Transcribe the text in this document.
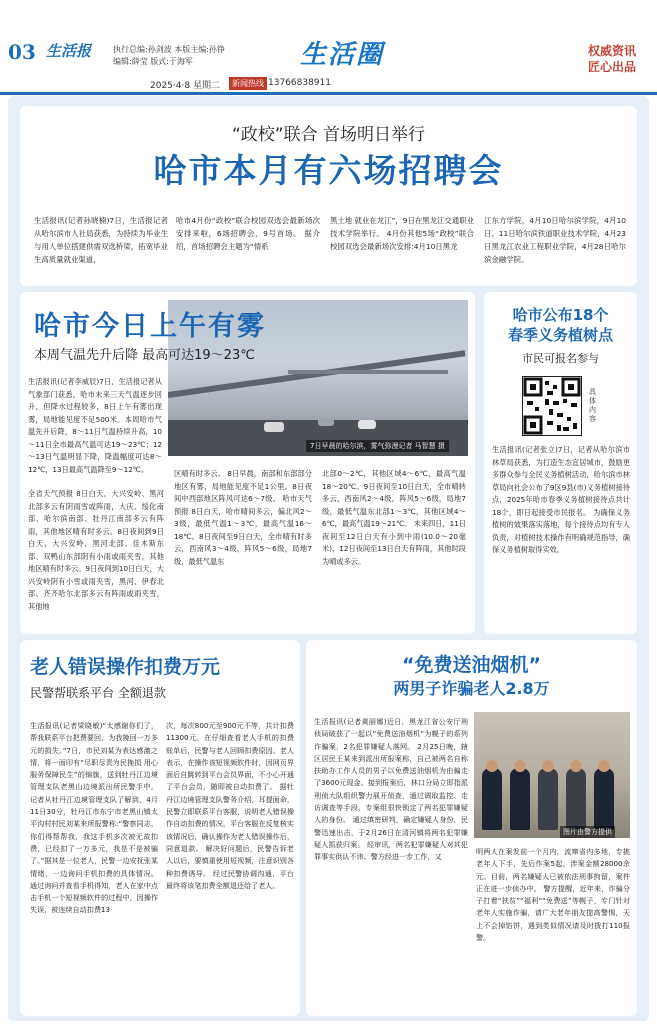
03 生活报	执行总编:孙剑波 本版主编:孙铮
编辑:薛莹 版式:于海军	生活圈	权威资讯
匠心出品
2025·4·8 星期二	新闻热线 13766838911
“政校”联合 首场明日举行
哈市本月有六场招聘会
生活报讯(记者孙晓楠)7日，生活报记者从哈尔滨市人社局获悉，为持续为毕业生与用人单位搭建供需双选桥梁，拓宽毕业生高质量就业渠道，
哈市4月份“政校”联合校园双选会最新场次安排来啦，6场招聘会，9号首场。 据介绍，首场招聘会主题为“情系
黑土地 就业在龙江”，9日在黑龙江交通职业技术学院举行。 4月份其他5场“政校”联合校园双选会最新场次安排:4月10日黑龙
江东方学院，4月10日哈尔滨学院，4月10日、11日哈尔滨铁道职业技术学院，4月23日黑龙江农业工程职业学院，4月28日哈尔滨金融学院。
哈市今日上午有雾
本周气温先升后降 最高可达19～23℃
7日早晨的哈尔滨，雾气弥漫记者 马智慧 摄
生活报讯(记者李威辰)7日，生活报记者从气象部门获悉，哈市未来三天气温逐步回升，但降水过程较多，8日上午有雾出现雾，局地能见度不足500米。本周哈市气温先升后降，8～11日气温持续升高，10～11日全市最高气温可达19～23℃；12～13日气温明显下降，降温幅度可达8～12℃，13日最高气温降至9～12℃。
全省天气预报 8日白天，大兴安岭、黑河北部多云有阴雨雪或阵雨，大庆、绥化南部、哈尔滨南部、牡丹江南部多云有阵雨，其他地区晴有时多云。8日夜间到9日白天，大兴安岭、黑河北部、佳木斯东部、双鸭山东部阴有小雨或雨夹雪，其他地区晴有时多云。9日夜间到10日白天，大兴安岭阴有小雪或雨夹雪，黑河、伊春北部、齐齐哈尔北部多云有阵雨或雨夹雪，其他地
区晴有时多云。 8日早晨，南部和东部部分地区有雾，局地能见度不足1公里。8日夜间中西部地区阵风可达6～7级。 哈市天气预报 8日白天，哈市晴间多云，偏北风2～3级，最低气温1～3℃，最高气温16～18℃。8日夜间至9日白天，全市晴有时多云，西南风3～4级，阵风5～6级，局地7级，最低气温东
北部0～2℃，其他区域4～6℃，最高气温18～20℃。9日夜间至10日白天，全市晴转多云，西南风2～4级，阵风5～6级，局地7级，最低气温东北部1～3℃，其他区域4～6℃，最高气温19～21℃。 未来四日，11日夜间至12日白天有小到中雨(10.0～20毫米)，12日夜间至13日白天有阵雨，其他时段为晴或多云。
哈市公布18个
春季义务植树点
市民可报名参与
具体内容
生活报讯(记者张立)7日，记者从哈尔滨市林草局获悉，为打造生态宜居城市，鼓励更多群众参与全民义务植树活动，哈尔滨市林草局向社会公布了9区9县(市)义务植树接待点，2025年哈市春季义务植树接待点共计18个，即日起接受市民报名。 为确保义务植树的效果落实落地，每个接待点均有专人负责，对植树技术操作有明确规范指导，确保义务植树取得实效。
老人错误操作扣费万元
民警帮联系平台 全额退款
生活报讯(记者梁晓敏)“太感谢你们了，帮我联系平台把费要回，为我挽回一万多元的损失。”7日，市民刘某为表达感激之情，将一面印有“尽职尽责为民挽损 用心服务保障民生”的锦旗，送到牡丹江边境管理支队老黑山边境派出所民警手中。 记者从牡丹江边境管理支队了解到，4月11日30分，牡丹江市东宁市老黑山镇太平沟村村民刘某来所报警称:“警察同志，你们得帮帮我，我这手机多次被无故扣费，已经扣了一万多元，我是不是被骗了。”据其是一位老人，民警一边安抚张某情绪，一边询问手机扣费的具体情况。 通过询问并查看手机得知，老人在家中点击手机一个短视频软件的过程中，因操作失误，被连续自动扣费13
次，每次800元至900元不等，共计扣费11300元。在仔细查看老人手机的扣费账单后，民警与老人回顾扣费原因。老人表示，在操作该短视频软件时，因网页界面后自跳转到平台会员界面，不小心开通了平台会员，随即被自动扣费了。 据牡丹江边境管理支队警务介绍，耳提面命，民警立即联系平台客服，说明老人错误操作自动扣费的情况，平台客服在反复核实该情况后，确认操作为老人错误操作后，同意退款。 解决好问题后，民警告诉老人以后，要慎重使用短视频，注意识别各种扣费诱导。 经过民警协调沟通，平台最终将该笔扣费全额退还给了老人。
“免费送油烟机”
两男子诈骗老人2.8万
图片由警方提供
生活报讯(记者黄丽娜)近日，黑龙江省公安厅刑侦局破获了一起以“免费送油烟机”为幌子的系列诈骗案，2名犯罪嫌疑人落网。 2月25日晚，辖区居民王某来到派出所报案称，自己被两名自称扶助办工作人员的男子以免费送油烟机为由骗走了3600元现金。接到报案后，林口分局立即指派刑侦大队组织警力展开侦查，通过调取监控、走访调查等手段，专案组很快锁定了两名犯罪嫌疑人的身份。 通过缜密研判，确定嫌疑人身份，民警迅速出击，于2月26日在清河镇将两名犯罪嫌疑人抓获归案。 经审讯，两名犯罪嫌疑人对其犯罪事实供认不讳。警方经进一步工作，又
明两人在案发前一个月内，流窜省内多地，专挑老年人下手，先后作案5起，涉案金额28000余元。目前，两名嫌疑人已被依法刑事拘留，案件正在进一步侦办中。 警方提醒，近年来，诈骗分子打着“扶贫”“福利”“免费送”等幌子，专门针对老年人实施诈骗，请广大老年朋友提高警惕，天上不会掉馅饼，遇到类似情况请及时拨打110报警。
